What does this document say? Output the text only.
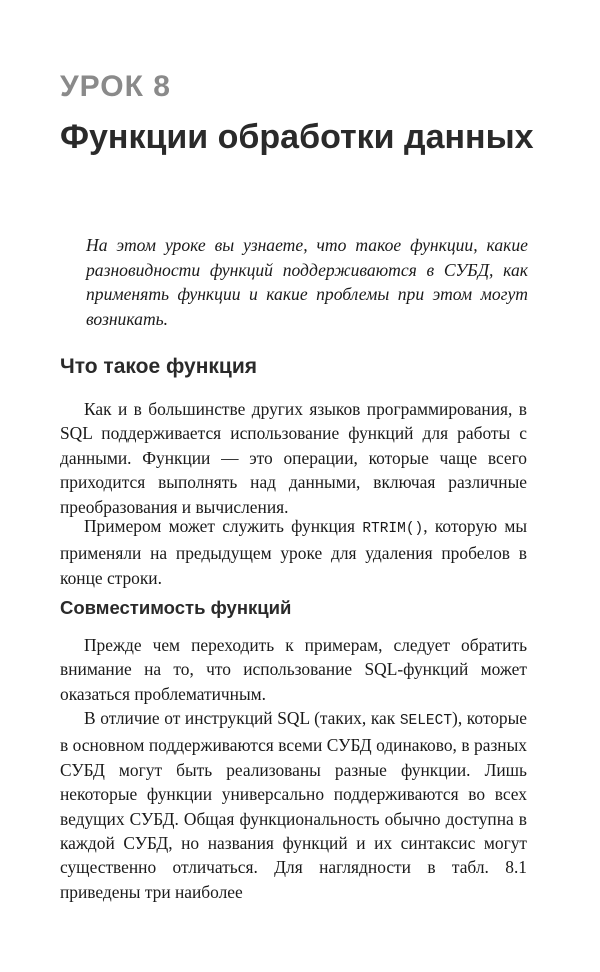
УРОК 8
Функции обработки данных

На этом уроке вы узнаете, что такое функции, какие разновидности функций поддерживаются в СУБД, как применять функции и какие проблемы при этом могут возникать.

Что такое функция

Как и в большинстве других языков программирования, в SQL поддерживается использование функций для работы с данными. Функции — это операции, которые чаще всего приходится выполнять над данными, включая различные преобразования и вычисления.

Примером может служить функция RTRIM(), которую мы применяли на предыдущем уроке для удаления пробелов в конце строки.

Совместимость функций

Прежде чем переходить к примерам, следует обратить внимание на то, что использование SQL-функций может оказаться проблематичным.

В отличие от инструкций SQL (таких, как SELECT), которые в основном поддерживаются всеми СУБД одинаково, в разных СУБД могут быть реализованы разные функции. Лишь некоторые функции универсально поддерживаются во всех ведущих СУБД. Общая функциональность обычно доступна в каждой СУБД, но названия функций и их синтаксис могут существенно отличаться. Для наглядности в табл. 8.1 приведены три наиболее
